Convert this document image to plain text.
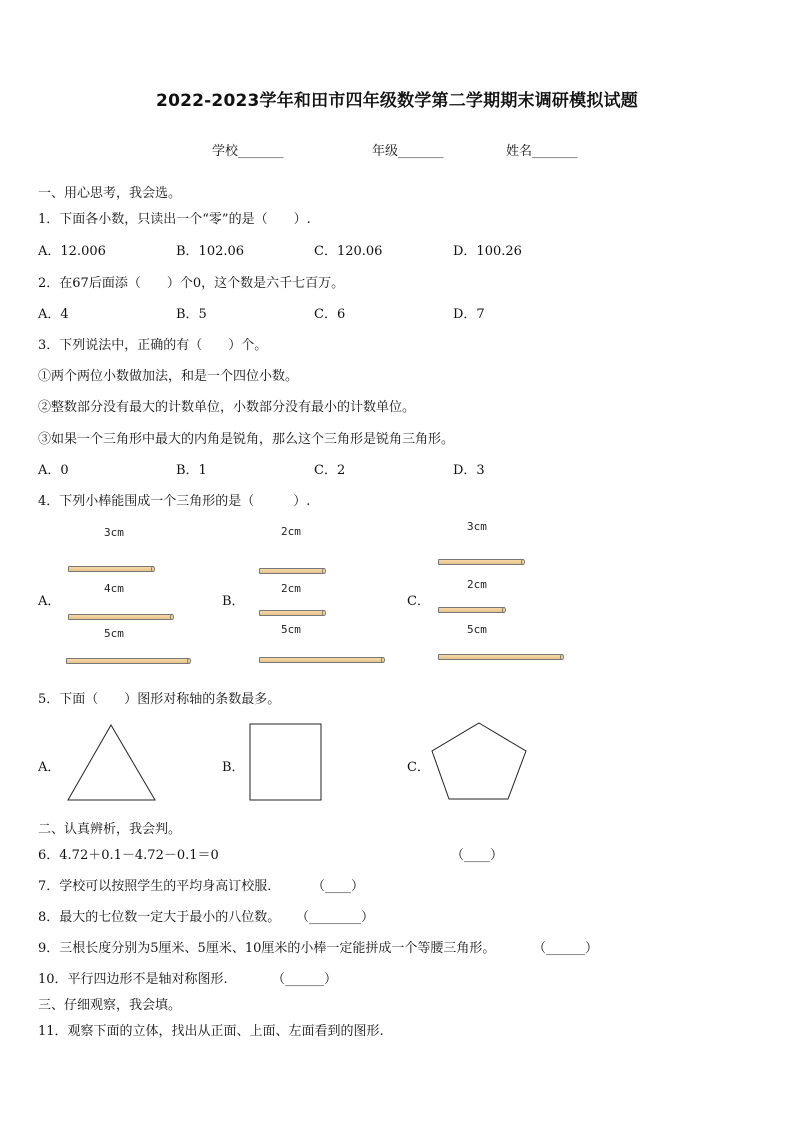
2022-2023学年和田市四年级数学第二学期期末调研模拟试题
学校_______	年级_______	姓名_______
一、用心思考，我会选。
1．下面各小数，只读出一个“零”的是（　　）.
A．12.006	B．102.06	C．120.06	D．100.26
2．在67后面添（　　）个0，这个数是六千七百万。
A．4	B．5	C．6	D．7
3．下列说法中，正确的有（　　）个。
①两个两位小数做加法，和是一个四位小数。
②整数部分没有最大的计数单位，小数部分没有最小的计数单位。
③如果一个三角形中最大的内角是锐角，那么这个三角形是锐角三角形。
A．0	B．1	C．2	D．3
4．下列小棒能围成一个三角形的是（　　　）.
A．
3cm
4cm
5cm
B．
2cm
2cm
5cm
C．
3cm
2cm
5cm
5．下面（　　）图形对称轴的条数最多。
A．	B．	C．
二、认真辨析，我会判。
6．4.72＋0.1－4.72－0.1＝0	（____）
7．学校可以按照学生的平均身高订校服． （____）
8．最大的七位数一定大于最小的八位数。 （________）
9．三根长度分别为5厘米、5厘米、10厘米的小棒一定能拼成一个等腰三角形。	（______）
10．平行四边形不是轴对称图形.	（______）
三、仔细观察，我会填。
11．观察下面的立体，找出从正面、上面、左面看到的图形.
